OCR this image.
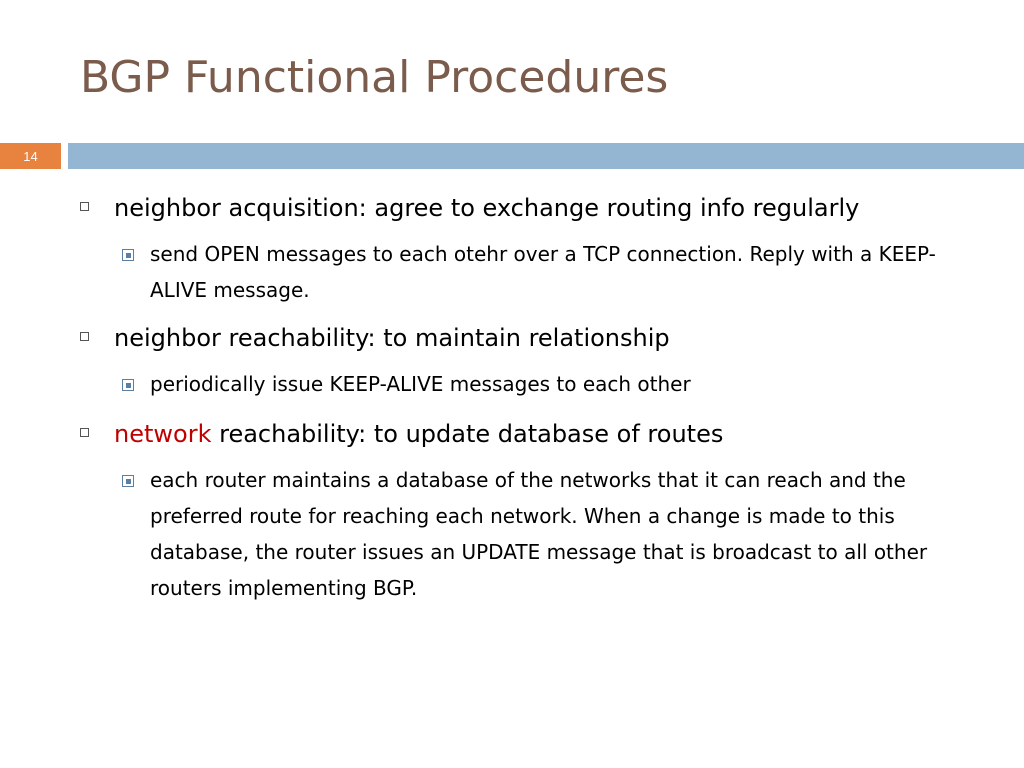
BGP Functional Procedures
14
neighbor acquisition: agree to exchange routing info regularly
send OPEN messages to each otehr over a TCP connection. Reply with a KEEP-ALIVE message.
neighbor reachability: to maintain relationship
periodically issue KEEP-ALIVE messages to each other
network reachability: to update database of routes
each router maintains a database of the networks that it can reach and the preferred route for reaching each network. When a change is made to this database, the router issues an UPDATE message that is broadcast to all other routers implementing BGP.
